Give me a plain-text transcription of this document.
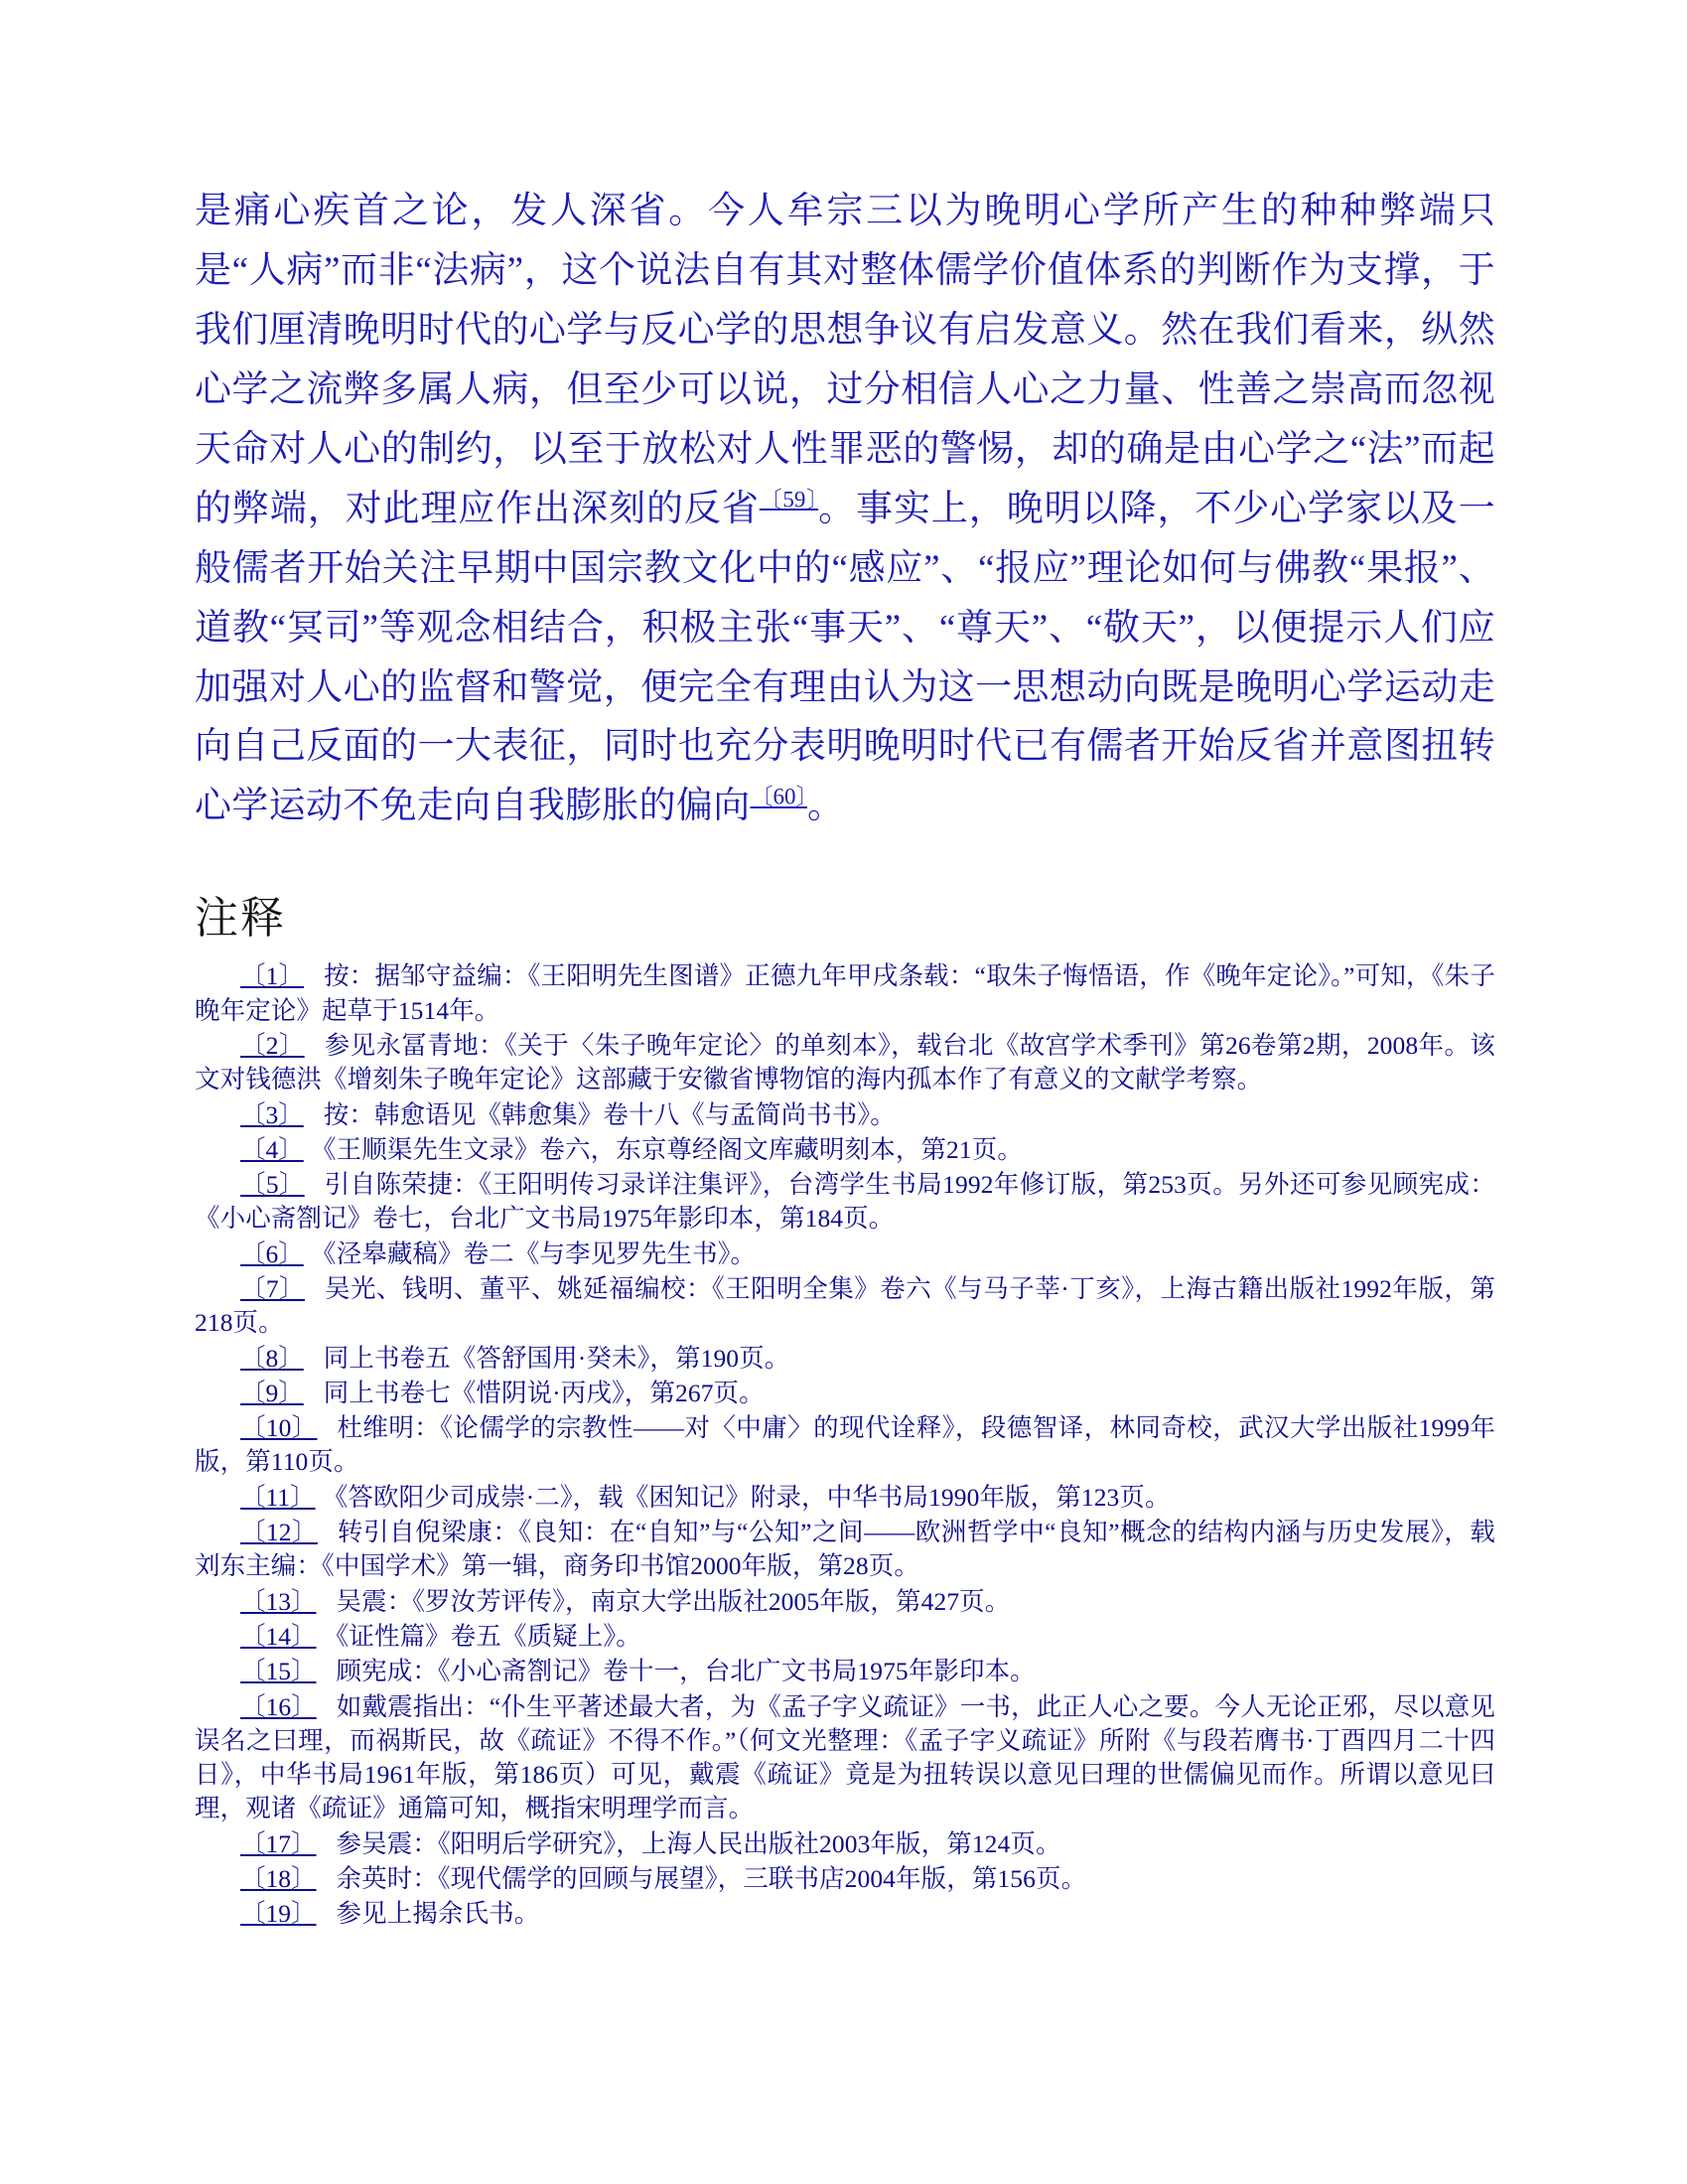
是痛心疾首之论，发人深省。今人牟宗三以为晚明心学所产生的种种弊端只是“人病”而非“法病”，这个说法自有其对整体儒学价值体系的判断作为支撑，于我们厘清晚明时代的心学与反心学的思想争议有启发意义。然在我们看来，纵然心学之流弊多属人病，但至少可以说，过分相信人心之力量、性善之崇高而忽视天命对人心的制约，以至于放松对人性罪恶的警惕，却的确是由心学之“法”而起的弊端，对此理应作出深刻的反省$^{〔59〕}$。事实上，晚明以降，不少心学家以及一般儒者开始关注早期中国宗教文化中的“感应”、“报应”理论如何与佛教“果报”、道教“冥司”等观念相结合，积极主张“事天”、“尊天”、“敬天”，以便提示人们应加强对人心的监督和警觉，便完全有理由认为这一思想动向既是晚明心学运动走向自己反面的一大表征，同时也充分表明晚明时代已有儒者开始反省并意图扭转心学运动不免走向自我膨胀的偏向$^{〔60〕}$。

注释

〔1〕 按：据邹守益编：《王阳明先生图谱》正德九年甲戌条载：“取朱子悔悟语，作《晚年定论》。”可知，《朱子晚年定论》起草于1514年。

〔2〕 参见永冨青地：《关于〈朱子晚年定论〉的单刻本》，载台北《故宫学术季刊》第26卷第2期，2008年。该文对钱德洪《增刻朱子晚年定论》这部藏于安徽省博物馆的海内孤本作了有意义的文献学考察。

〔3〕 按：韩愈语见《韩愈集》卷十八《与孟简尚书书》。

〔4〕 《王顺渠先生文录》卷六，东京尊经阁文库藏明刻本，第21页。

〔5〕 引自陈荣捷：《王阳明传习录详注集评》，台湾学生书局1992年修订版，第253页。另外还可参见顾宪成：《小心斋劄记》卷七，台北广文书局1975年影印本，第184页。

〔6〕 《泾皋藏稿》卷二《与李见罗先生书》。

〔7〕 吴光、钱明、董平、姚延福编校：《王阳明全集》卷六《与马子莘·丁亥》，上海古籍出版社1992年版，第218页。

〔8〕 同上书卷五《答舒国用·癸未》，第190页。

〔9〕 同上书卷七《惜阴说·丙戌》，第267页。

〔10〕 杜维明：《论儒学的宗教性——对〈中庸〉的现代诠释》，段德智译，林同奇校，武汉大学出版社1999年版，第110页。

〔11〕 《答欧阳少司成崇·二》，载《困知记》附录，中华书局1990年版，第123页。

〔12〕 转引自倪梁康：《良知：在“自知”与“公知”之间——欧洲哲学中“良知”概念的结构内涵与历史发展》，载刘东主编：《中国学术》第一辑，商务印书馆2000年版，第28页。

〔13〕 吴震：《罗汝芳评传》，南京大学出版社2005年版，第427页。

〔14〕 《证性篇》卷五《质疑上》。

〔15〕 顾宪成：《小心斋劄记》卷十一，台北广文书局1975年影印本。

〔16〕 如戴震指出：“仆生平著述最大者，为《孟子字义疏证》一书，此正人心之要。今人无论正邪，尽以意见误名之曰理，而祸斯民，故《疏证》不得不作。”（何文光整理：《孟子字义疏证》所附《与段若膺书·丁酉四月二十四日》，中华书局1961年版，第186页）可见，戴震《疏证》竟是为扭转误以意见曰理的世儒偏见而作。所谓以意见曰理，观诸《疏证》通篇可知，概指宋明理学而言。

〔17〕 参吴震：《阳明后学研究》，上海人民出版社2003年版，第124页。

〔18〕 余英时：《现代儒学的回顾与展望》，三联书店2004年版，第156页。

〔19〕 参见上揭余氏书。
